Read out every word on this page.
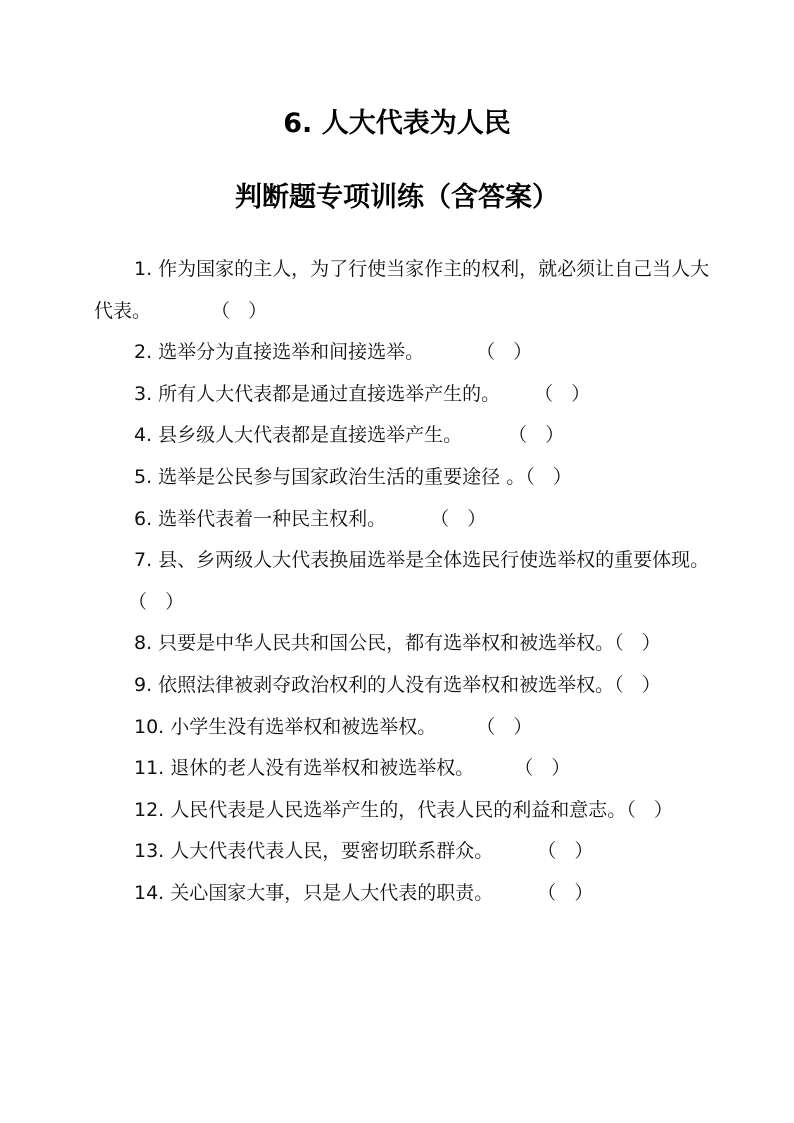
6. 人大代表为人民
判断题专项训练（含答案）

1. 作为国家的主人，为了行使当家作主的权利，就必须让自己当人大代表。	（   ）

2. 选举分为直接选举和间接选举。	（   ）

3. 所有人大代表都是通过直接选举产生的。 （   ）

4. 县乡级人大代表都是直接选举产生。 （   ）

5. 选举是公民参与国家政治生活的重要途径 。（   ）

6. 选举代表着一种民主权利。 （   ）

7. 县、乡两级人大代表换届选举是全体选民行使选举权的重要体现。（   ）

8. 只要是中华人民共和国公民，都有选举权和被选举权。（   ）

9. 依照法律被剥夺政治权利的人没有选举权和被选举权。（   ）

10. 小学生没有选举权和被选举权。 （   ）

11. 退休的老人没有选举权和被选举权。 （   ）

12. 人民代表是人民选举产生的，代表人民的利益和意志。（   ）

13. 人大代表代表人民，要密切联系群众。 （   ）

14. 关心国家大事，只是人大代表的职责。 （   ）
